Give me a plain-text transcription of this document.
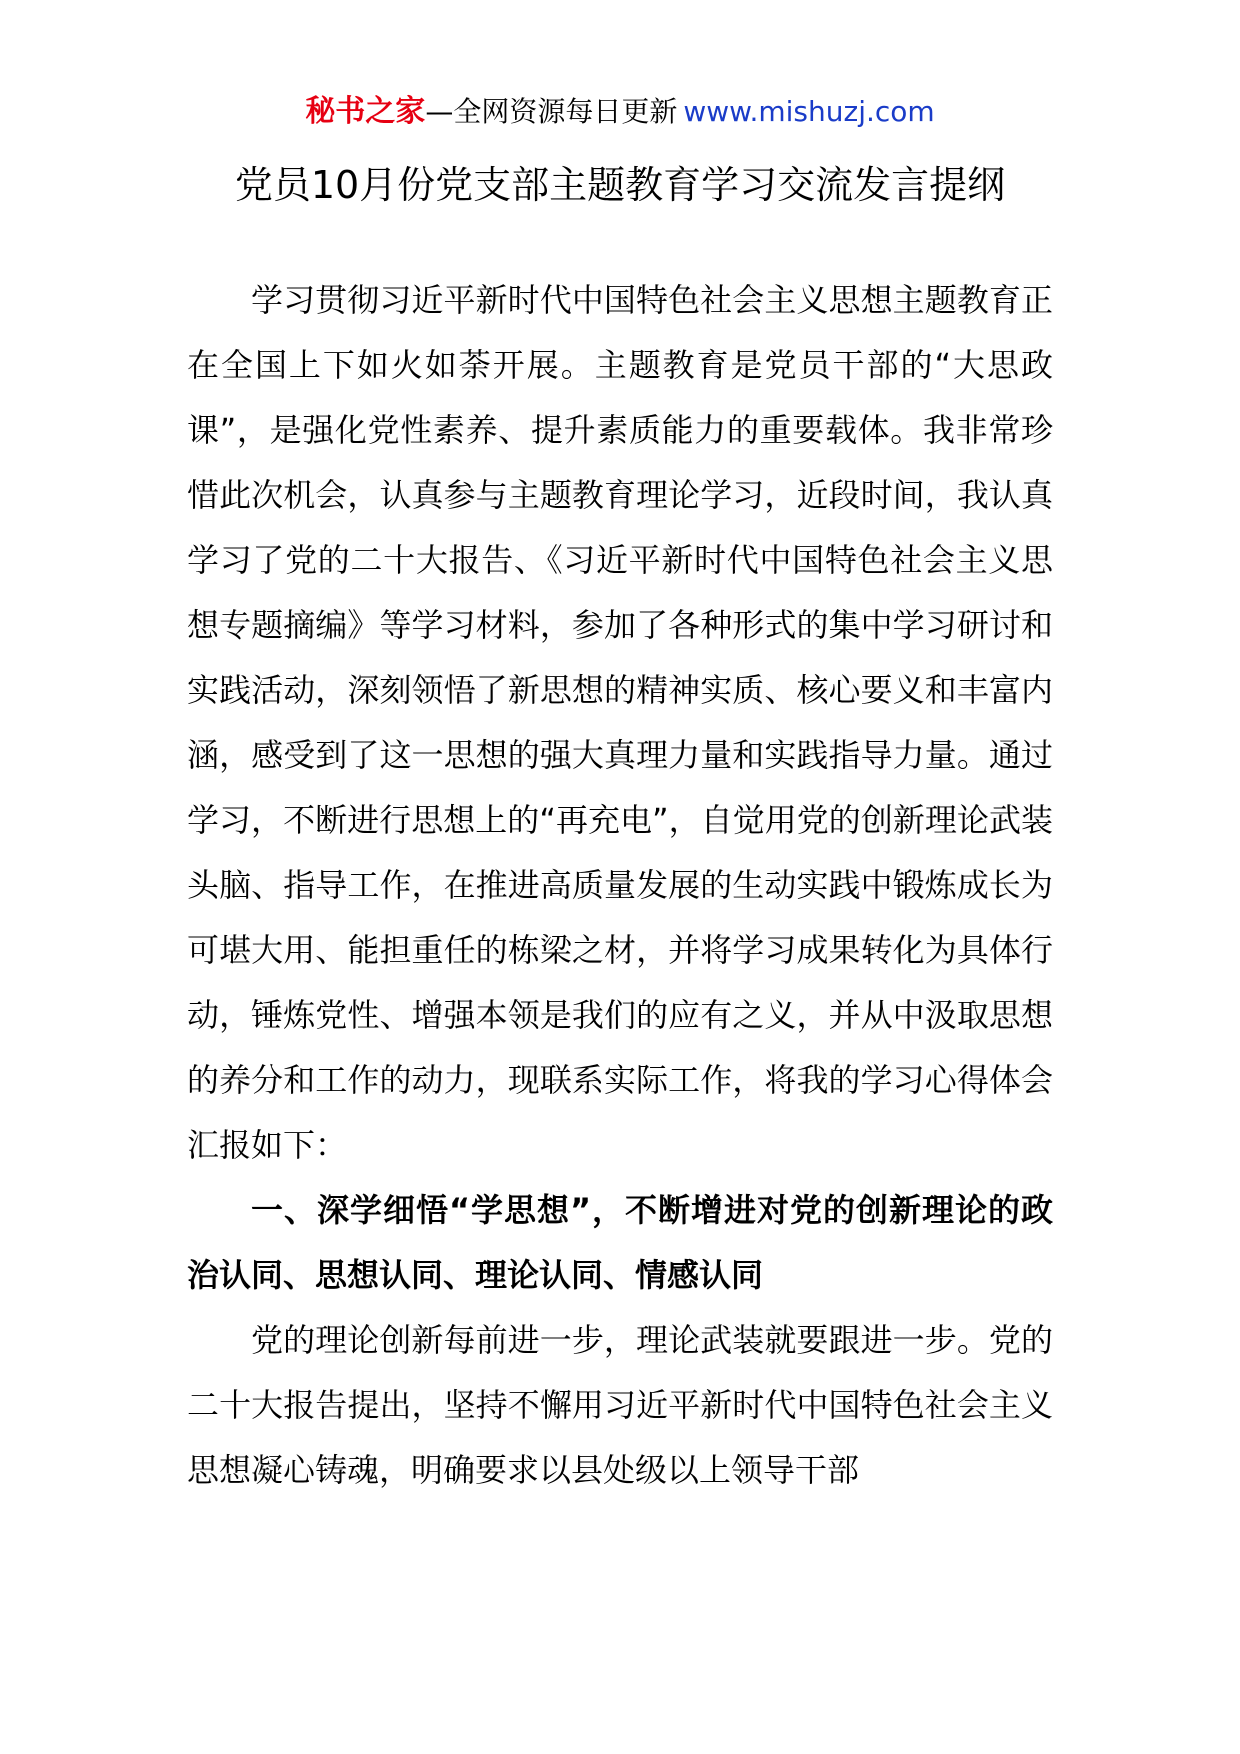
秘书之家—全网资源每日更新 www.mishuzj.com
党员10月份党支部主题教育学习交流发言提纲

学习贯彻习近平新时代中国特色社会主义思想主题教育正在全国上下如火如荼开展。主题教育是党员干部的“大思政课”，是强化党性素养、提升素质能力的重要载体。我非常珍惜此次机会，认真参与主题教育理论学习，近段时间，我认真学习了党的二十大报告、《习近平新时代中国特色社会主义思想专题摘编》等学习材料，参加了各种形式的集中学习研讨和实践活动，深刻领悟了新思想的精神实质、核心要义和丰富内涵，感受到了这一思想的强大真理力量和实践指导力量。通过学习，不断进行思想上的“再充电”，自觉用党的创新理论武装头脑、指导工作，在推进高质量发展的生动实践中锻炼成长为可堪大用、能担重任的栋梁之材，并将学习成果转化为具体行动，锤炼党性、增强本领是我们的应有之义，并从中汲取思想的养分和工作的动力，现联系实际工作，将我的学习心得体会汇报如下：

一、深学细悟“学思想”，不断增进对党的创新理论的政治认同、思想认同、理论认同、情感认同

党的理论创新每前进一步，理论武装就要跟进一步。党的二十大报告提出，坚持不懈用习近平新时代中国特色社会主义思想凝心铸魂，明确要求以县处级以上领导干部
